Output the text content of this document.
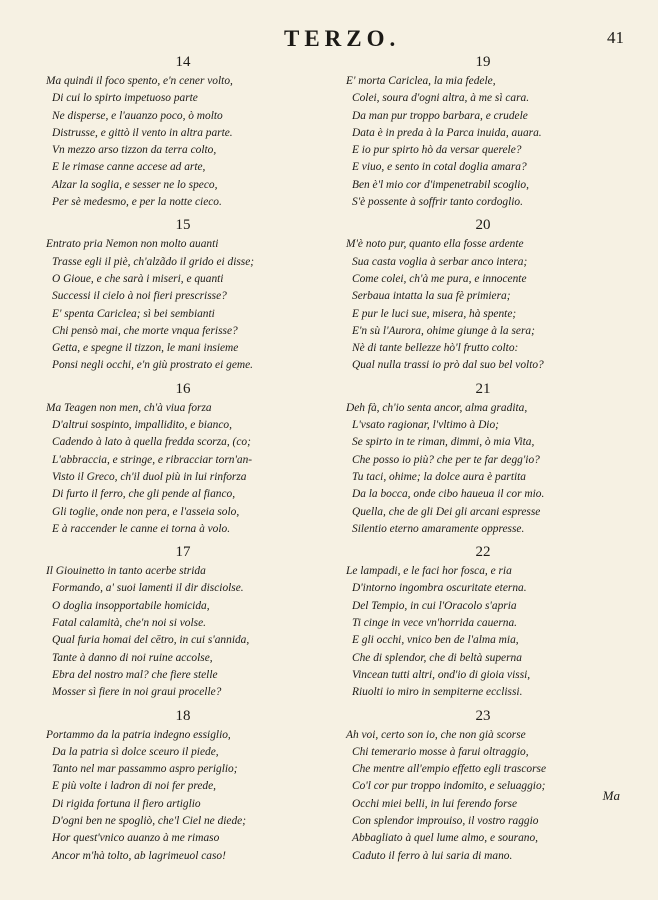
TERZO.	41
14
Ma quindi il foco spento, e'n cener volto,
Di cui lo spirto impetuoso parte
Ne disperse, e l'auanzo poco, ò molto
Distrusse, e gittò il vento in altra parte.
Vn mezzo arso tizzon da terra colto,
E le rimase canne accese ad arte,
Alzar la soglia, e sesser ne lo speco,
Per sè medesmo, e per la notte cieco.
15
Entrato pria Nemon non molto auanti
Trasse egli il piè, ch'alzãdo il grido ei disse;
O Gioue, e che sarà i miseri, e quanti
Successi il cielo à noi fieri prescrisse?
E' spenta Cariclea; sì bei sembianti
Chi pensò mai, che morte vnqua ferisse?
Getta, e spegne il tizzon, le mani insieme
Ponsi negli occhi, e'n giù prostrato ei geme.
16
Ma Teagen non men, ch'à viua forza
D'altrui sospinto, impallidito, e bianco,
Cadendo à lato à quella fredda scorza, (co;
L'abbraccia, e stringe, e ribracciar torn'an-
Visto il Greco, ch'il duol più in lui rinforza
Di furto il ferro, che gli pende al fianco,
Gli toglie, onde non pera, e l'asseia solo,
E à raccender le canne ei torna à volo.
17
Il Giouinetto in tanto acerbe strida
Formando, a' suoi lamenti il dir disciolse.
O doglia insopportabile homicida,
Fatal calamità, che'n noi si volse.
Qual furia homai del cētro, in cui s'annida,
Tante à danno di noi ruine accolse,
Ebra del nostro mal? che fiere stelle
Mosser sì fiere in noi graui procelle?
18
Portammo da la patria indegno essiglio,
Da la patria sì dolce sceuro il piede,
Tanto nel mar passammo aspro periglio;
E più volte i ladron di noi fer prede,
Di rigida fortuna il fiero artiglio
D'ogni ben ne spogliò, che'l Ciel ne diede;
Hor quest'vnico auanzo à me rimaso
Ancor m'hà tolto, ab lagrimeuol caso!
19
E' morta Cariclea, la mia fedele,
Colei, soura d'ogni altra, à me sì cara.
Da man pur troppo barbara, e crudele
Data è in preda à la Parca inuida, auara.
E io pur spirto hò da versar querele?
E viuo, e sento in cotal doglia amara?
Ben è'l mio cor d'impenetrabil scoglio,
S'è possente à soffrir tanto cordoglio.
20
M'è noto pur, quanto ella fosse ardente
Sua casta voglia à serbar anco intera;
Come colei, ch'à me pura, e innocente
Serbaua intatta la sua fè primiera;
E pur le luci sue, misera, hà spente;
E'n sù l'Aurora, ohime giunge à la sera;
Nè di tante bellezze hò'l frutto colto:
Qual nulla trassi io prò dal suo bel volto?
21
Deh fà, ch'io senta ancor, alma gradita,
L'vsato ragionar, l'vltimo à Dio;
Se spirto in te riman, dimmi, ò mia Vita,
Che posso io più? che per te far degg'io?
Tu taci, ohime; la dolce aura è partita
Da la bocca, onde cibo haueua il cor mio.
Quella, che de gli Dei gli arcani espresse
Silentio eterno amaramente oppresse.
22
Le lampadi, e le faci hor fosca, e ria
D'intorno ingombra oscuritate eterna.
Del Tempio, in cui l'Oracolo s'apria
Ti cinge in vece vn'horrida cauerna.
E gli occhi, vnico ben de l'alma mia,
Che di splendor, che di beltà superna
Vincean tutti altri, ond'io di gioia vissi,
Riuolti io miro in sempiterne ecclissi.
23
Ah voi, certo son io, che non già scorse
Chi temerario mosse à farui oltraggio,
Che mentre all'empio effetto egli trascorse
Co'l cor pur troppo indomito, e seluaggio;
Occhi miei belli, in lui ferendo forse
Con splendor improuiso, il vostro raggio
Abbagliato à quel lume almo, e sourano,
Caduto il ferro à lui saria di mano.
Ma
